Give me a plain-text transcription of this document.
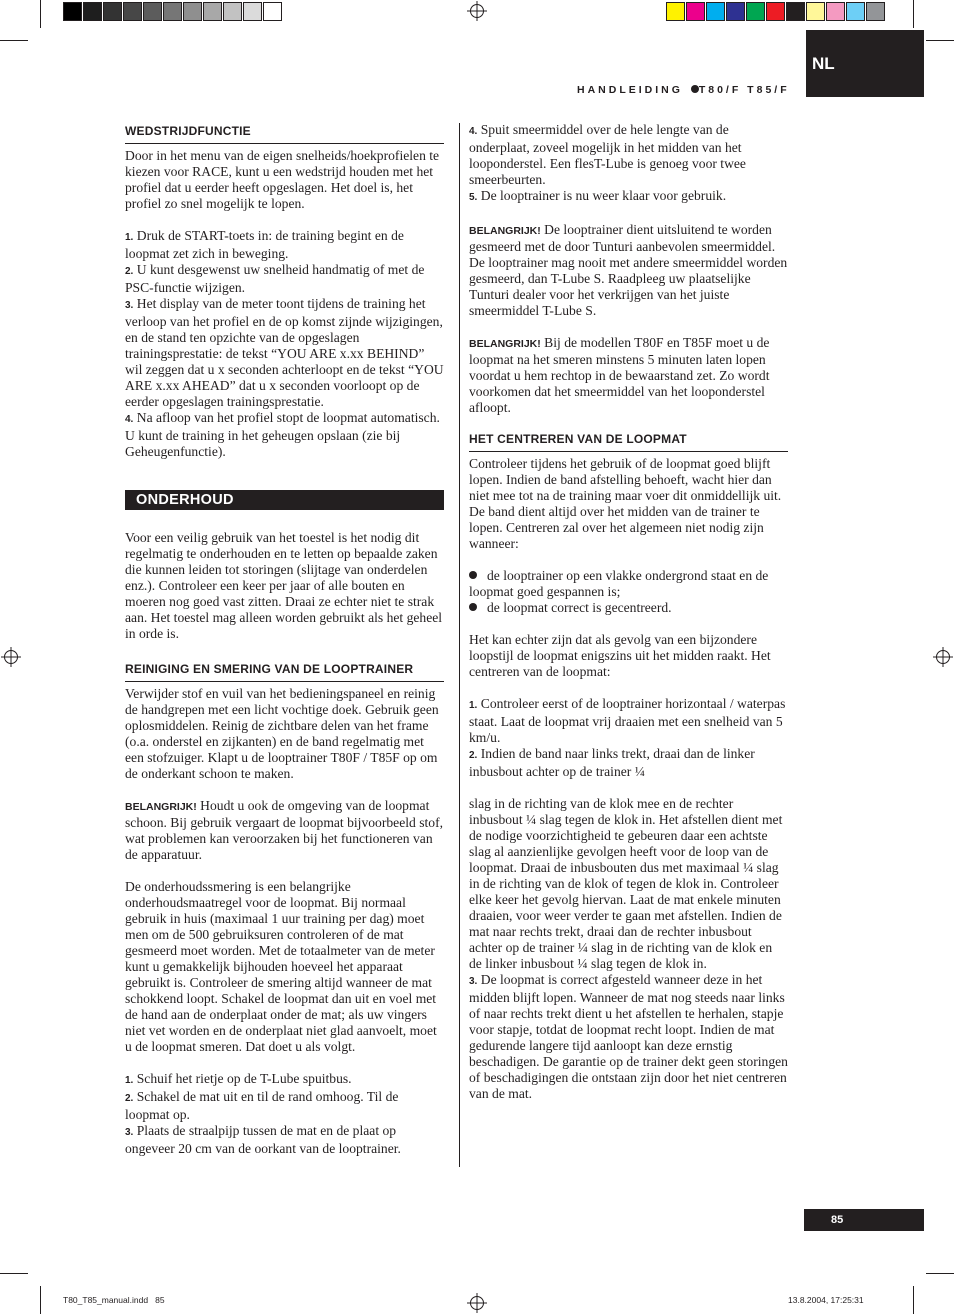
HANDLEIDING T80/F T85/F
NL
WEDSTRIJDFUNCTIE

Door in het menu van de eigen snelheids/hoekprofielen te kiezen voor RACE, kunt u een wedstrijd houden met het profiel dat u eerder heeft opgeslagen. Het doel is, het profiel zo snel mogelijk te lopen.

1. Druk de START-toets in: de training begint en de loopmat zet zich in beweging.

2. U kunt desgewenst uw snelheid handmatig of met de PSC-functie wijzigen.

3. Het display van de meter toont tijdens de training het verloop van het profiel en de op komst zijnde wijzigingen, en de stand ten opzichte van de opgeslagen trainingsprestatie: de tekst “YOU ARE x.xx BEHIND” wil zeggen dat u x seconden achterloopt en de tekst “YOU ARE x.xx AHEAD” dat u x seconden voorloopt op de eerder opgeslagen trainingsprestatie.

4. Na afloop van het profiel stopt de loopmat automatisch. U kunt de training in het geheugen opslaan (zie bij Geheugenfunctie).

ONDERHOUD

Voor een veilig gebruik van het toestel is het nodig dit regelmatig te onderhouden en te letten op bepaalde zaken die kunnen leiden tot storingen (slijtage van onderdelen enz.). Controleer een keer per jaar of alle bouten en moeren nog goed vast zitten. Draai ze echter niet te strak aan. Het toestel mag alleen worden gebruikt als het geheel in orde is.

REINIGING EN SMERING VAN DE LOOPTRAINER

Verwijder stof en vuil van het bedieningspaneel en reinig de handgrepen met een licht vochtige doek. Gebruik geen oplosmiddelen. Reinig de zichtbare delen van het frame (o.a. onderstel en zijkanten) en de band regelmatig met een stofzuiger. Klapt u de looptrainer T80F / T85F op om de onderkant schoon te maken.

BELANGRIJK! Houdt u ook de omgeving van de loopmat schoon. Bij gebruik vergaart de loopmat bijvoorbeeld stof, wat problemen kan veroorzaken bij het functioneren van de apparatuur.

De onderhoudssmering is een belangrijke onderhoudsmaatregel voor de loopmat. Bij normaal gebruik in huis (maximaal 1 uur training per dag) moet men om de 500 gebruiksuren controleren of de mat gesmeerd moet worden. Met de totaalmeter van de meter kunt u gemakkelijk bijhouden hoeveel het apparaat gebruikt is. Controleer de smering altijd wanneer de mat schokkend loopt. Schakel de loopmat dan uit en voel met de hand aan de onderplaat onder de mat; als uw vingers niet vet worden en de onderplaat niet glad aanvoelt, moet u de loopmat smeren. Dat doet u als volgt.

1. Schuif het rietje op de T-Lube spuitbus.

2. Schakel de mat uit en til de rand omhoog. Til de loopmat op.

3. Plaats de straalpijp tussen de mat en de plaat op ongeveer 20 cm van de oorkant van de looptrainer.

4. Spuit smeermiddel over de hele lengte van de onderplaat, zoveel mogelijk in het midden van het looponderstel. Een flesT-Lube is genoeg voor twee smeerbeurten.

5. De looptrainer is nu weer klaar voor gebruik.

BELANGRIJK! De looptrainer dient uitsluitend te worden gesmeerd met de door Tunturi aanbevolen smeermiddel. De looptrainer mag nooit met andere smeermiddel worden gesmeerd, dan T-Lube S. Raadpleeg uw plaatselijke Tunturi dealer voor het verkrijgen van het juiste smeermiddel T-Lube S.

BELANGRIJK! Bij de modellen T80F en T85F moet u de loopmat na het smeren minstens 5 minuten laten lopen voordat u hem rechtop in de bewaarstand zet. Zo wordt voorkomen dat het smeermiddel van het looponderstel afloopt.

HET CENTREREN VAN DE LOOPMAT

Controleer tijdens het gebruik of de loopmat goed blijft lopen. Indien de band afstelling behoeft, wacht hier dan niet mee tot na de training maar voer dit onmiddellijk uit. De band dient altijd over het midden van de trainer te lopen. Centreren zal over het algemeen niet nodig zijn wanneer:

de looptrainer op een vlakke ondergrond staat en de loopmat goed gespannen is;

de loopmat correct is gecentreerd.

Het kan echter zijn dat als gevolg van een bijzondere loopstijl de loopmat enigszins uit het midden raakt. Het centreren van de loopmat:

1. Controleer eerst of de looptrainer horizontaal / waterpas staat. Laat de loopmat vrij draaien met een snelheid van 5 km/u.

2. Indien de band naar links trekt, draai dan de linker inbusbout achter op de trainer ¼

slag in de richting van de klok mee en de rechter inbusbout ¼ slag tegen de klok in. Het afstellen dient met de nodige voorzichtigheid te gebeuren daar een achtste slag al aanzienlijke gevolgen heeft voor de loop van de loopmat. Draai de inbusbouten dus met maximaal ¼ slag in de richting van de klok of tegen de klok in. Controleer elke keer het gevolg hiervan. Laat de mat enkele minuten draaien, voor weer verder te gaan met afstellen. Indien de mat naar rechts trekt, draai dan de rechter inbusbout achter op de trainer ¼ slag in de richting van de klok en de linker inbusbout ¼ slag tegen de klok in.

3. De loopmat is correct afgesteld wanneer deze in het midden blijft lopen. Wanneer de mat nog steeds naar links of naar rechts trekt dient u het afstellen te herhalen, stapje voor stapje, totdat de loopmat recht loopt. Indien de mat gedurende langere tijd aanloopt kan deze ernstig beschadigen. De garantie op de trainer dekt geen storingen of beschadigingen die ontstaan zijn door het niet centreren van de mat.

85
T80_T85_manual.indd   85	13.8.2004, 17:25:31
